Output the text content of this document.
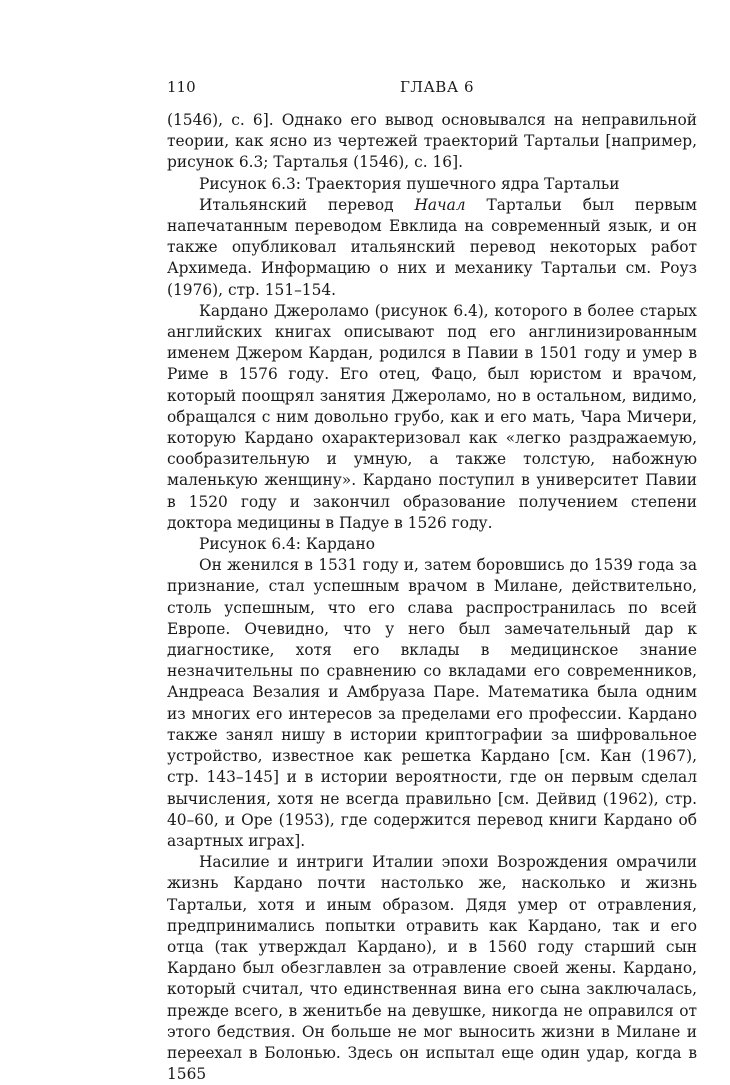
110	ГЛАВА 6

(1546), с. 6]. Однако его вывод основывался на неправильной теории, как ясно из чертежей траекторий Тартальи [например, рисунок 6.3; Тарталья (1546), с. 16].

Рисунок 6.3: Траектория пушечного ядра Тартальи

Итальянский перевод Начал Тартальи был первым напечатанным переводом Евклида на современный язык, и он также опубликовал итальянский перевод некоторых работ Архимеда. Информацию о них и механику Тартальи см. Роуз (1976), стр. 151–154.

Кардано Джероламо (рисунок 6.4), которого в более старых английских книгах описывают под его англинизированным именем Джером Кардан, родился в Павии в 1501 году и умер в Риме в 1576 году. Его отец, Фацо, был юристом и врачом, который поощрял занятия Джероламо, но в остальном, видимо, обращался с ним довольно грубо, как и его мать, Чара Мичери, которую Кардано охарактеризовал как «легко раздражаемую, сообразительную и умную, а также толстую, набожную маленькую женщину». Кардано поступил в университет Павии в 1520 году и закончил образование получением степени доктора медицины в Падуе в 1526 году.

Рисунок 6.4: Кардано

Он женился в 1531 году и, затем боровшись до 1539 года за признание, стал успешным врачом в Милане, действительно, столь успешным, что его слава распространилась по всей Европе. Очевидно, что у него был замечательный дар к диагностике, хотя его вклады в медицинское знание незначительны по сравнению со вкладами его современников, Андреаса Везалия и Амбруаза Паре. Математика была одним из многих его интересов за пределами его профессии. Кардано также занял нишу в истории криптографии за шифровальное устройство, известное как решетка Кардано [см. Кан (1967), стр. 143–145] и в истории вероятности, где он первым сделал вычисления, хотя не всегда правильно [см. Дейвид (1962), стр. 40–60, и Оре (1953), где содержится перевод книги Кардано об азартных играх].

Насилие и интриги Италии эпохи Возрождения омрачили жизнь Кардано почти настолько же, насколько и жизнь Тартальи, хотя и иным образом. Дядя умер от отравления, предпринимались попытки отравить как Кардано, так и его отца (так утверждал Кардано), и в 1560 году старший сын Кардано был обезглавлен за отравление своей жены. Кардано, который считал, что единственная вина его сына заключалась, прежде всего, в женитьбе на девушке, никогда не оправился от этого бедствия. Он больше не мог выносить жизни в Милане и переехал в Болонью. Здесь он испытал еще один удар, когда в 1565
